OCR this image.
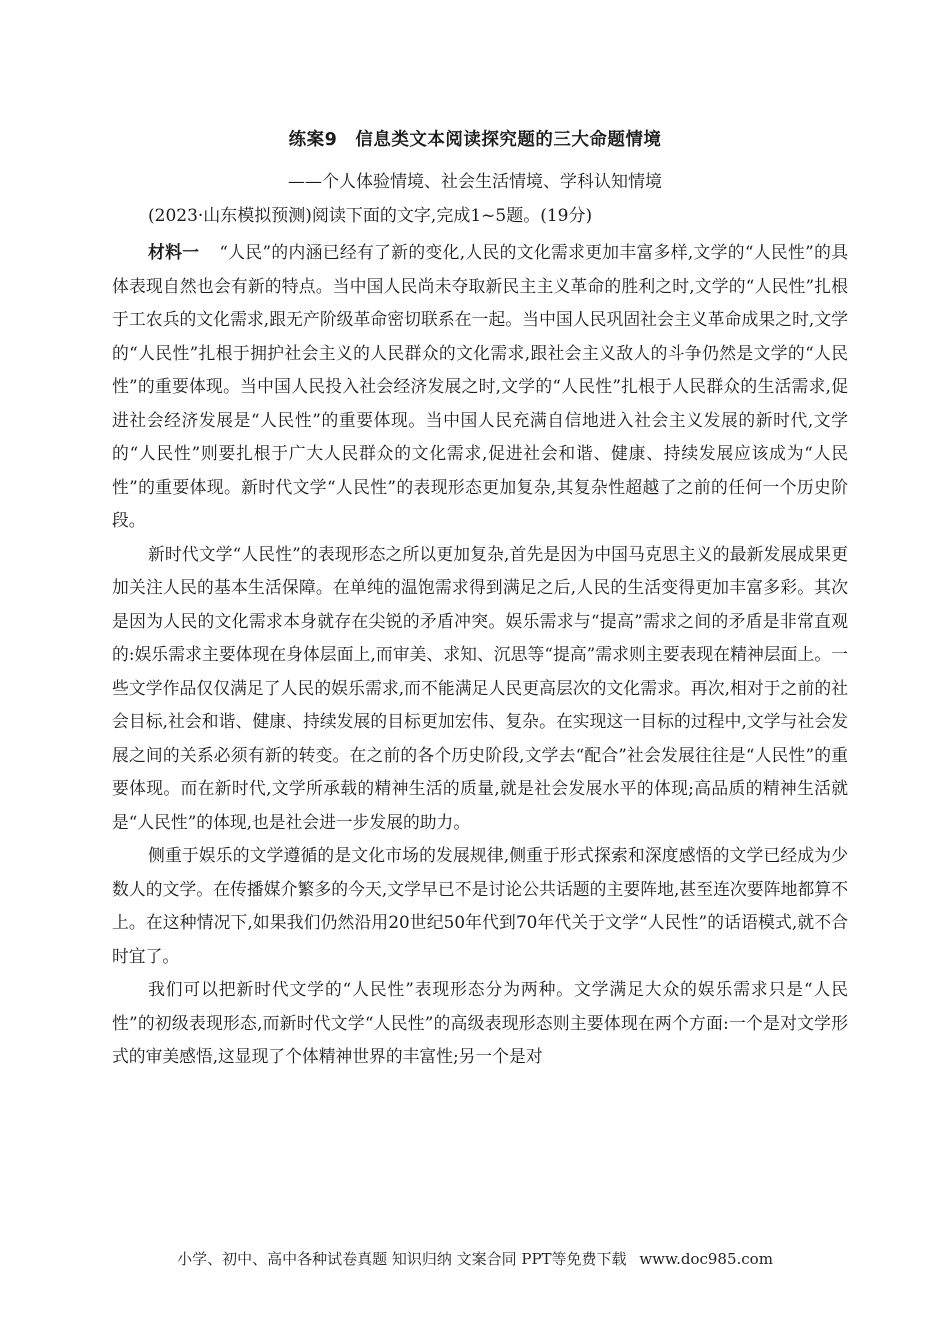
练案9　信息类文本阅读探究题的三大命题情境
——个人体验情境、社会生活情境、学科认知情境
(2023·山东模拟预测)阅读下面的文字,完成1~5题。(19分)

材料一 “人民”的内涵已经有了新的变化,人民的文化需求更加丰富多样,文学的“人民性”的具体表现自然也会有新的特点。当中国人民尚未夺取新民主主义革命的胜利之时,文学的“人民性”扎根于工农兵的文化需求,跟无产阶级革命密切联系在一起。当中国人民巩固社会主义革命成果之时,文学的“人民性”扎根于拥护社会主义的人民群众的文化需求,跟社会主义敌人的斗争仍然是文学的“人民性”的重要体现。当中国人民投入社会经济发展之时,文学的“人民性”扎根于人民群众的生活需求,促进社会经济发展是“人民性”的重要体现。当中国人民充满自信地进入社会主义发展的新时代,文学的“人民性”则要扎根于广大人民群众的文化需求,促进社会和谐、健康、持续发展应该成为“人民性”的重要体现。新时代文学“人民性”的表现形态更加复杂,其复杂性超越了之前的任何一个历史阶段。

新时代文学“人民性”的表现形态之所以更加复杂,首先是因为中国马克思主义的最新发展成果更加关注人民的基本生活保障。在单纯的温饱需求得到满足之后,人民的生活变得更加丰富多彩。其次是因为人民的文化需求本身就存在尖锐的矛盾冲突。娱乐需求与“提高”需求之间的矛盾是非常直观的:娱乐需求主要体现在身体层面上,而审美、求知、沉思等“提高”需求则主要表现在精神层面上。一些文学作品仅仅满足了人民的娱乐需求,而不能满足人民更高层次的文化需求。再次,相对于之前的社会目标,社会和谐、健康、持续发展的目标更加宏伟、复杂。在实现这一目标的过程中,文学与社会发展之间的关系必须有新的转变。在之前的各个历史阶段,文学去“配合”社会发展往往是“人民性”的重要体现。而在新时代,文学所承载的精神生活的质量,就是社会发展水平的体现;高品质的精神生活就是“人民性”的体现,也是社会进一步发展的助力。

侧重于娱乐的文学遵循的是文化市场的发展规律,侧重于形式探索和深度感悟的文学已经成为少数人的文学。在传播媒介繁多的今天,文学早已不是讨论公共话题的主要阵地,甚至连次要阵地都算不上。在这种情况下,如果我们仍然沿用20世纪50年代到70年代关于文学“人民性”的话语模式,就不合时宜了。

我们可以把新时代文学的“人民性”表现形态分为两种。文学满足大众的娱乐需求只是“人民性”的初级表现形态,而新时代文学“人民性”的高级表现形态则主要体现在两个方面:一个是对文学形式的审美感悟,这显现了个体精神世界的丰富性;另一个是对

小学、初中、高中各种试卷真题 知识归纳 文案合同 PPT等免费下载 www.doc985.com
